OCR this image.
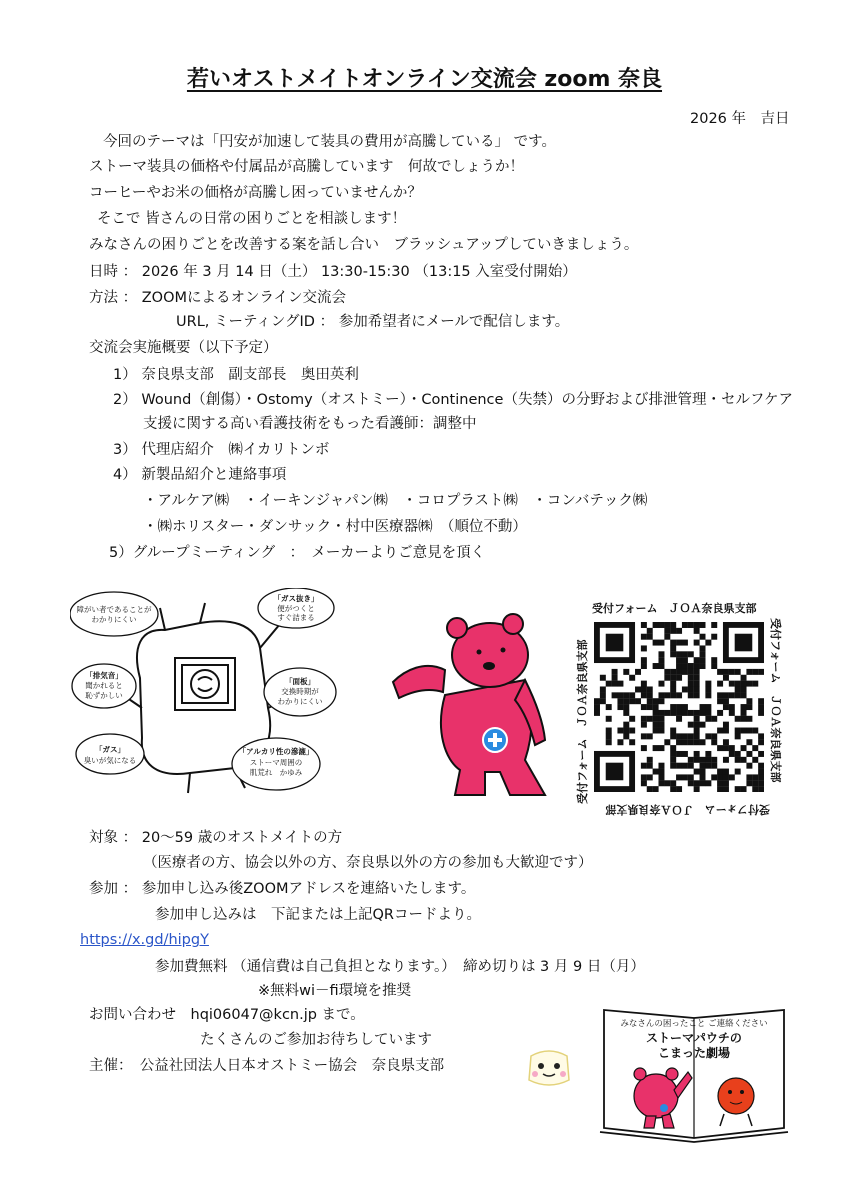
若いオストメイトオンライン交流会 zoom 奈良
2026 年　吉日
今回のテーマは「円安が加速して装具の費用が高騰している」 です。
ストーマ装具の価格や付属品が高騰しています　何故でしょうか！
コーヒーやお米の価格が高騰し困っていませんか？
そこで 皆さんの日常の困りごとを相談します！
みなさんの困りごとを改善する案を話し合い　ブラッシュアップしていきましょう。
日時 ： 2026 年 3 月 14 日（土） 13:30-15:30 （13:15 入室受付開始）
方法 ： ZOOMによるオンライン交流会
URL, ミーティングID ： 参加希望者にメールで配信します。
交流会実施概要（以下予定）
1） 奈良県支部　副支部長　奥田英利
2） Wound（創傷）・Ostomy（オストミー）・Continence（失禁）の分野および排泄管理・セルフケア
支援に関する高い看護技術をもった看護師：調整中
3） 代理店紹介　㈱イカリトンボ
4） 新製品紹介と連絡事項
・アルケア㈱　・イーキンジャパン㈱　・コロプラスト㈱　・コンバテック㈱
・㈱ホリスター・ダンサック・村中医療器㈱　（順位不動）
5）グループミーティング　：　メーカーよりご意見を頂く
障がい者であることが
わかりにくい
「ガス抜き」
便がつくと
すぐ詰まる
「排気音」
聞かれると
恥ずかしい
「面板」
交換時期が
わかりにくい
「ガス」
臭いが気になる
「アルカリ性の滲漉」
ストーマ周囲の
肌荒れ　かゆみ
受付フォーム　ＪＯＡ奈良県支部
受付フォーム　ＪＯＡ奈良県支部
受付フォーム　ＪＯＡ奈良県支部
受付フォーム　ＪＯＡ奈良県支部
対象 ： 20～59 歳のオストメイトの方
（医療者の方、協会以外の方、奈良県以外の方の参加も大歓迎です）
参加 ： 参加申し込み後ZOOMアドレスを連絡いたします。
参加申し込みは　下記または上記QRコードより。
https://x.gd/hipgY
参加費無料 （通信費は自己負担となります。）　締め切りは 3 月 9 日（月）
※無料wi－fi環境を推奨
お問い合わせ　hqi06047@kcn.jp まで。
たくさんのご参加お待ちしています
主催：　公益社団法人日本オストミー協会　奈良県支部
みなさんの困ったこと ご連絡ください
ストーマパウチの
こまった劇場
